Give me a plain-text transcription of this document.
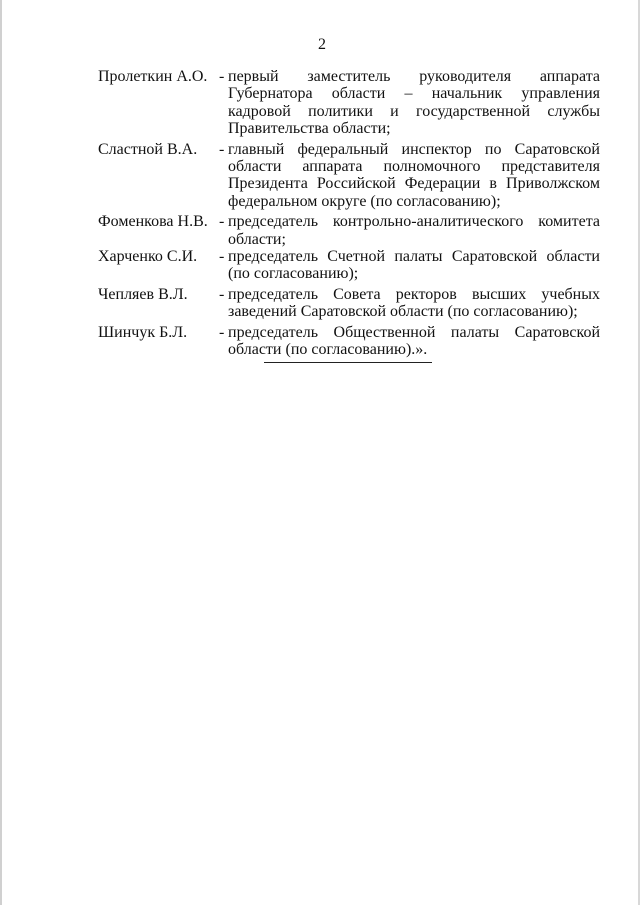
2
Пролеткин А.О. - первый заместитель руководителя аппарата Губернатора области – начальник управления кадровой политики и государственной службы Правительства области;
Сластной В.А. - главный федеральный инспектор по Саратовской области аппарата полномочного представителя Президента Российской Федерации в Приволжском федеральном округе (по согласованию);
Фоменкова Н.В. - председатель контрольно-аналитического комитета области;
Харченко С.И. - председатель Счетной палаты Саратовской области (по согласованию);
Чепляев В.Л. - председатель Совета ректоров высших учебных заведений Саратовской области (по согласованию);
Шинчук Б.Л. - председатель Общественной палаты Саратовской области (по согласованию).».
